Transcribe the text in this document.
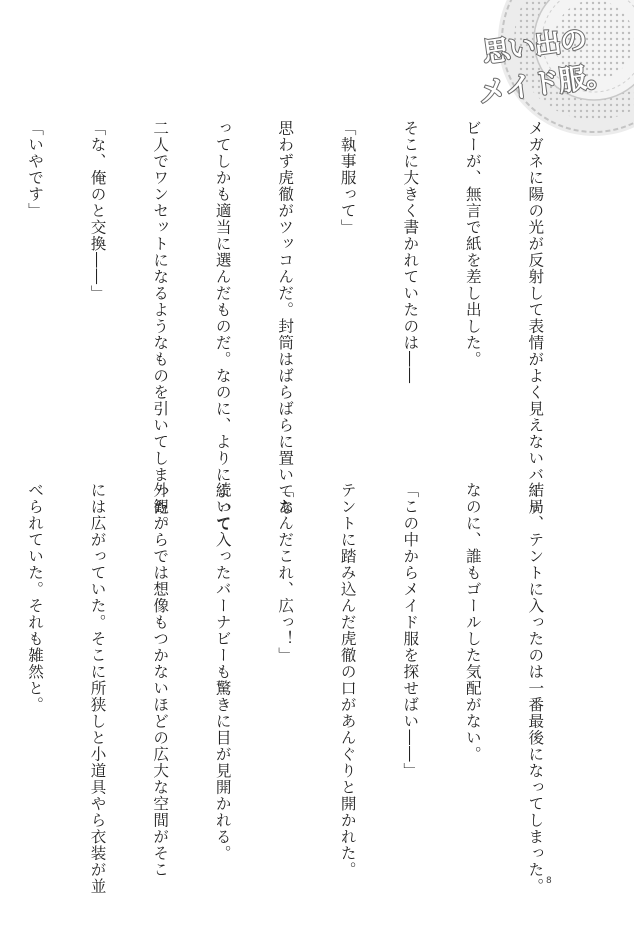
思い出の
メイド服。

メガネに陽の光が反射して表情がよく見えないバーナ

ビーが、無言で紙を差し出した。

そこに大きく書かれていたのは――

「執事服って」

思わず虎徹がツッコんだ。封筒はばらばらに置いてあ

ってしかも適当に選んだものだ。なのに、よりによって

二人でワンセットになるようなものを引いてしまった。

「な、俺のと交換――」

「いやです」

結局、テントに入ったのは一番最後になってしまった。

なのに、誰もゴールした気配がない。

「この中からメイド服を探せばい――」

テントに踏み込んだ虎徹の口があんぐりと開かれた。

「なんだこれ、広っ！」

続いて入ったバーナビーも驚きに目が見開かれる。

外観からでは想像もつかないほどの広大な空間がそこ

には広がっていた。そこに所狭しと小道具やら衣装が並

べられていた。それも雑然と。

8
